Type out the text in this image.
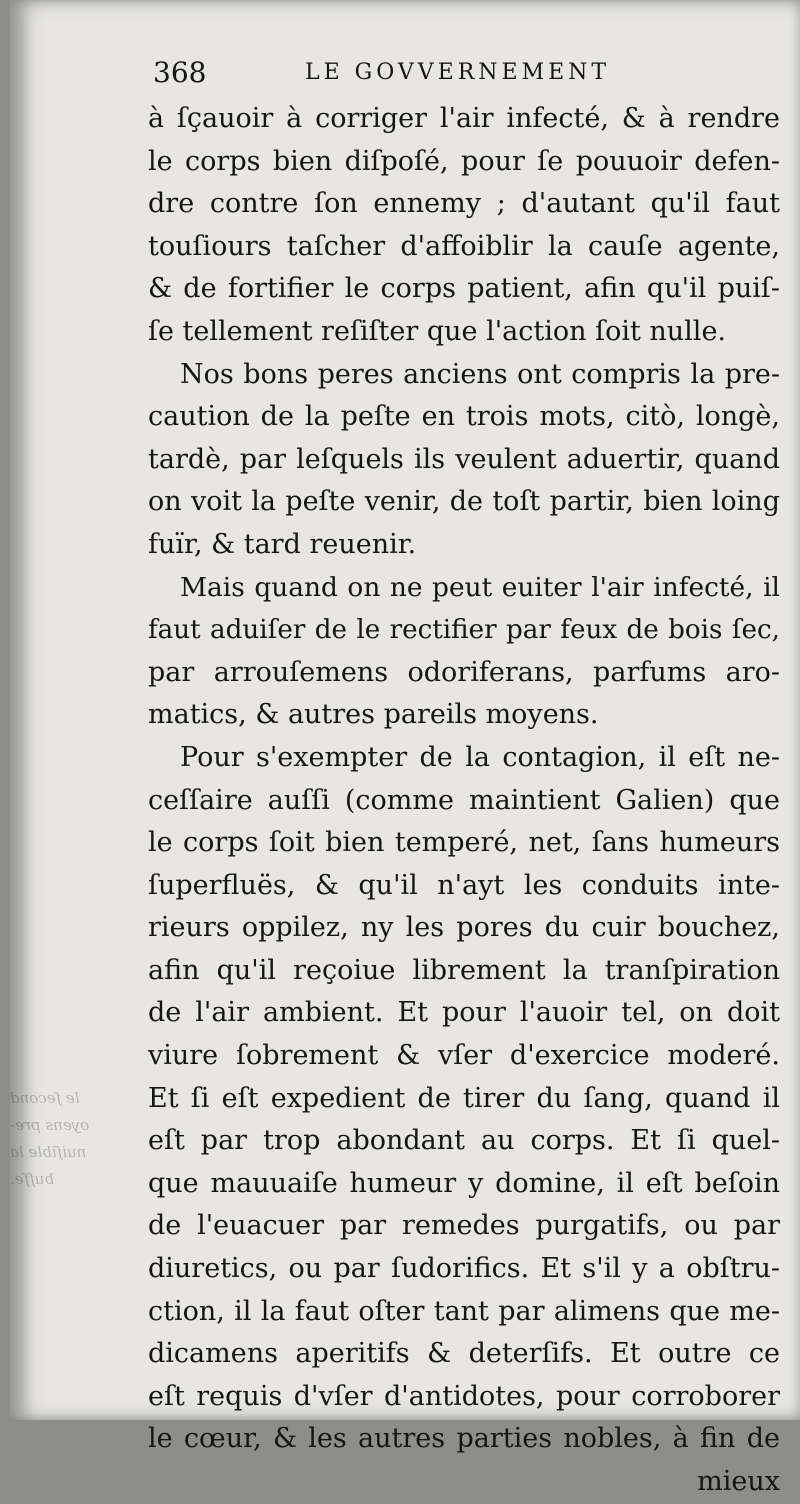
le ſecond
oyens pre-
nuiſible la
buſſe.
368	LE GOVVERNEMENT
à ſçauoir à corriger l'air infecté, & à rendre
le corps bien diſpoſé, pour ſe pouuoir defen-
dre contre ſon ennemy ; d'autant qu'il faut
touſiours taſcher d'affoiblir la cauſe agente,
& de fortifier le corps patient, afin qu'il puiſ-
ſe tellement reſiſter que l'action ſoit nulle.
Nos bons peres anciens ont compris la pre-
caution de la peſte en trois mots, citò, longè,
tardè, par leſquels ils veulent aduertir, quand
on voit la peſte venir, de toſt partir, bien loing
fuïr, & tard reuenir.
Mais quand on ne peut euiter l'air infecté, il
faut aduiſer de le rectifier par feux de bois ſec,
par arrouſemens odoriferans, parfums aro-
matics, & autres pareils moyens.
Pour s'exempter de la contagion, il eſt ne-
ceſſaire auſſi (comme maintient Galien) que
le corps ſoit bien temperé, net, ſans humeurs
ſuperfluës, & qu'il n'ayt les conduits inte-
rieurs oppilez, ny les pores du cuir bouchez,
afin qu'il reçoiue librement la tranſpiration
de l'air ambient. Et pour l'auoir tel, on doit
viure ſobrement & vſer d'exercice moderé.
Et ſi eſt expedient de tirer du ſang, quand il
eſt par trop abondant au corps. Et ſi quel-
que mauuaiſe humeur y domine, il eſt beſoin
de l'euacuer par remedes purgatifs, ou par
diuretics, ou par ſudorifics. Et s'il y a obſtru-
ction, il la faut oſter tant par alimens que me-
dicamens aperitifs & deterſifs. Et outre ce
eſt requis d'vſer d'antidotes, pour corroborer
le cœur, & les autres parties nobles, à fin de
mieux
